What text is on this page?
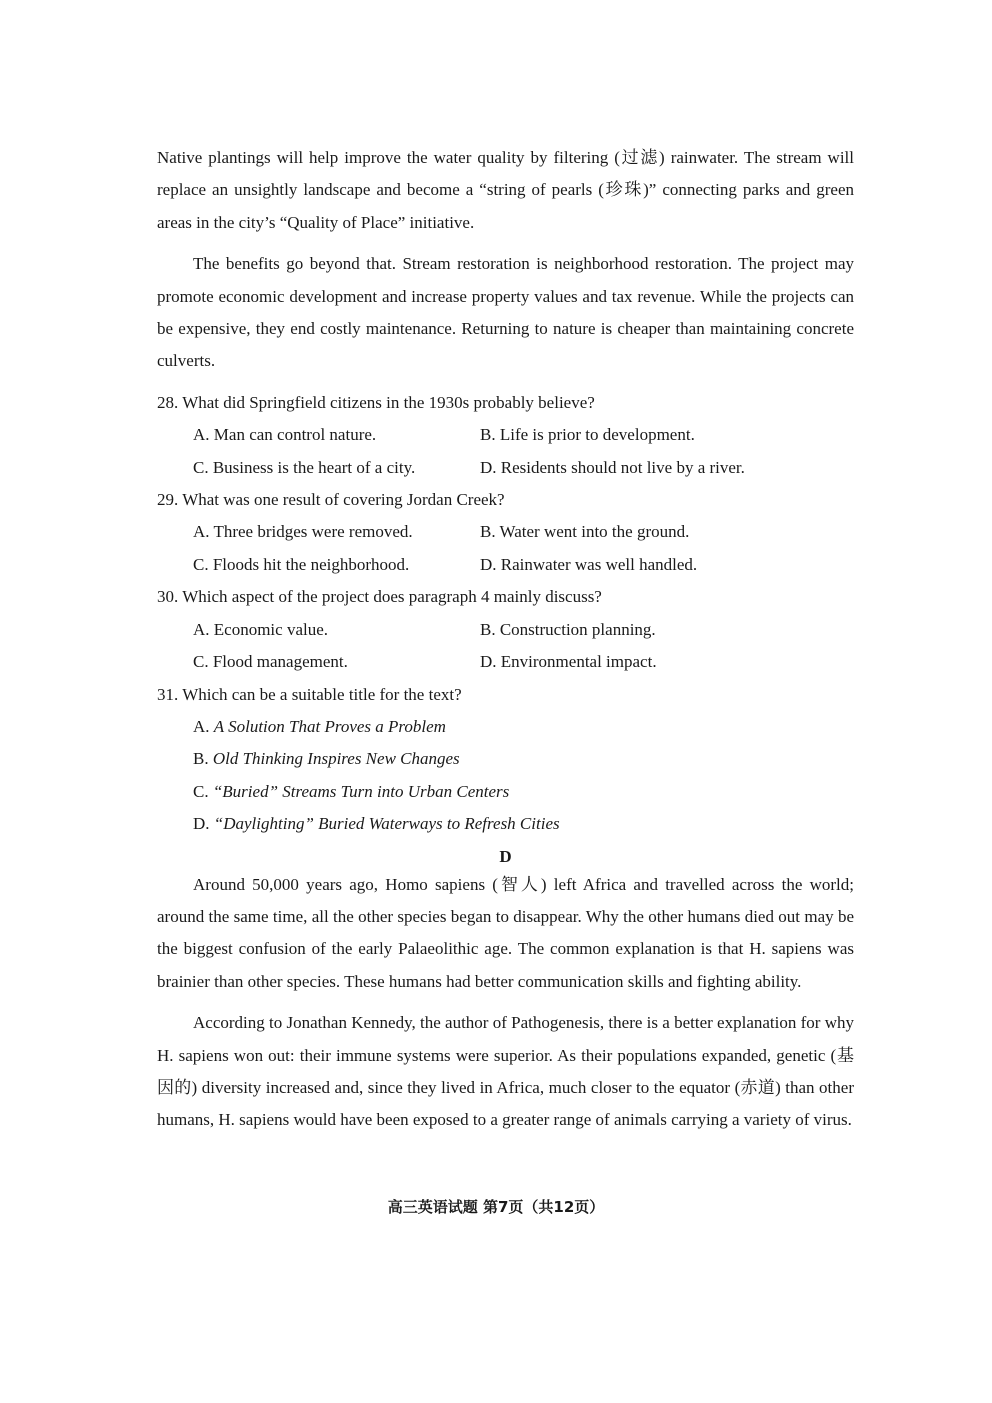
Native plantings will help improve the water quality by filtering (过滤) rainwater. The stream will replace an unsightly landscape and become a “string of pearls (珍珠)” connecting parks and green areas in the city’s “Quality of Place” initiative.

The benefits go beyond that. Stream restoration is neighborhood restoration. The project may promote economic development and increase property values and tax revenue. While the projects can be expensive, they end costly maintenance. Returning to nature is cheaper than maintaining concrete culverts.

28. What did Springfield citizens in the 1930s probably believe?

A. Man can control nature.	B. Life is prior to development.
C. Business is the heart of a city.	D. Residents should not live by a river.

29. What was one result of covering Jordan Creek?

A. Three bridges were removed.	B. Water went into the ground.
C. Floods hit the neighborhood.	D. Rainwater was well handled.

30. Which aspect of the project does paragraph 4 mainly discuss?

A. Economic value.	B. Construction planning.
C. Flood management.	D. Environmental impact.

31. Which can be a suitable title for the text?

A. A Solution That Proves a Problem

B. Old Thinking Inspires New Changes

C. “Buried” Streams Turn into Urban Centers

D. “Daylighting” Buried Waterways to Refresh Cities

D

Around 50,000 years ago, Homo sapiens (智人) left Africa and travelled across the world; around the same time, all the other species began to disappear. Why the other humans died out may be the biggest confusion of the early Palaeolithic age. The common explanation is that H. sapiens was brainier than other species. These humans had better communication skills and fighting ability.

According to Jonathan Kennedy, the author of Pathogenesis, there is a better explanation for why H. sapiens won out: their immune systems were superior. As their populations expanded, genetic (基因的) diversity increased and, since they lived in Africa, much closer to the equator (赤道) than other humans, H. sapiens would have been exposed to a greater range of animals carrying a variety of virus.

高三英语试题 第7页（共12页）
